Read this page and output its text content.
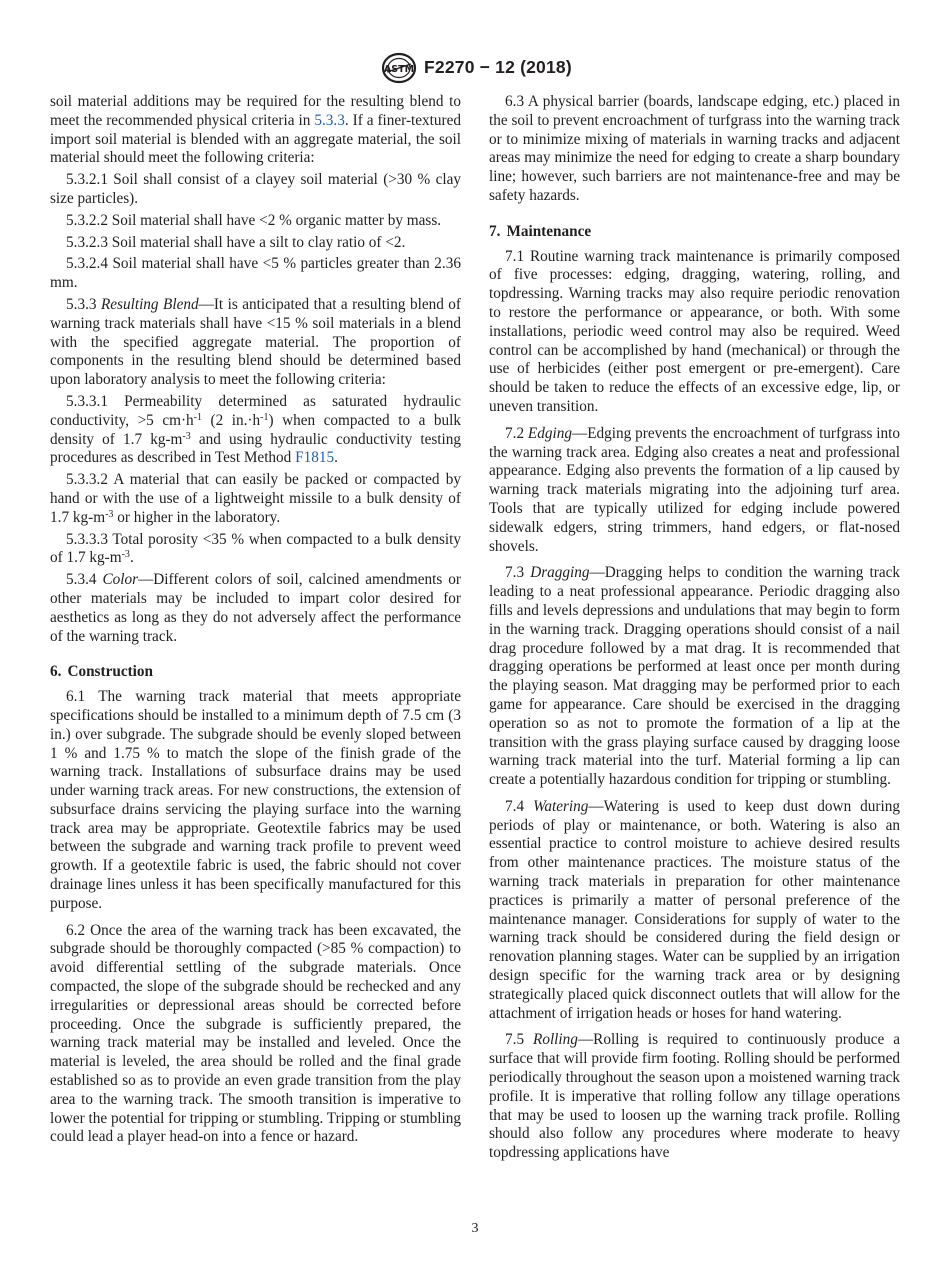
ASTM F2270 − 12 (2018)

soil material additions may be required for the resulting blend to meet the recommended physical criteria in 5.3.3. If a finer-textured import soil material is blended with an aggregate material, the soil material should meet the following criteria:

5.3.2.1 Soil shall consist of a clayey soil material (>30 % clay size particles).

5.3.2.2 Soil material shall have <2 % organic matter by mass.

5.3.2.3 Soil material shall have a silt to clay ratio of <2.

5.3.2.4 Soil material shall have <5 % particles greater than 2.36 mm.

5.3.3 Resulting Blend—It is anticipated that a resulting blend of warning track materials shall have <15 % soil materials in a blend with the specified aggregate material. The proportion of components in the resulting blend should be determined based upon laboratory analysis to meet the following criteria:

5.3.3.1 Permeability determined as saturated hydraulic conductivity, >5 $cm\cdot h^{-1}$ (2 $in.\cdot h^{-1}$) when compacted to a bulk density of 1.7 $kg-m^{-3}$ and using hydraulic conductivity testing procedures as described in Test Method F1815.

5.3.3.2 A material that can easily be packed or compacted by hand or with the use of a lightweight missile to a bulk density of 1.7 $kg-m^{-3}$ or higher in the laboratory.

5.3.3.3 Total porosity <35 % when compacted to a bulk density of 1.7 $kg-m^{-3}$.

5.3.4 Color—Different colors of soil, calcined amendments or other materials may be included to impart color desired for aesthetics as long as they do not adversely affect the performance of the warning track.

6. Construction

6.1 The warning track material that meets appropriate specifications should be installed to a minimum depth of 7.5 cm (3 in.) over subgrade. The subgrade should be evenly sloped between 1 % and 1.75 % to match the slope of the finish grade of the warning track. Installations of subsurface drains may be used under warning track areas. For new constructions, the extension of subsurface drains servicing the playing surface into the warning track area may be appropriate. Geotextile fabrics may be used between the subgrade and warning track profile to prevent weed growth. If a geotextile fabric is used, the fabric should not cover drainage lines unless it has been specifically manufactured for this purpose.

6.2 Once the area of the warning track has been excavated, the subgrade should be thoroughly compacted (>85 % compaction) to avoid differential settling of the subgrade materials. Once compacted, the slope of the subgrade should be rechecked and any irregularities or depressional areas should be corrected before proceeding. Once the subgrade is sufficiently prepared, the warning track material may be installed and leveled. Once the material is leveled, the area should be rolled and the final grade established so as to provide an even grade transition from the play area to the warning track. The smooth transition is imperative to lower the potential for tripping or stumbling. Tripping or stumbling could lead a player head-on into a fence or hazard.

6.3 A physical barrier (boards, landscape edging, etc.) placed in the soil to prevent encroachment of turfgrass into the warning track or to minimize mixing of materials in warning tracks and adjacent areas may minimize the need for edging to create a sharp boundary line; however, such barriers are not maintenance-free and may be safety hazards.

7. Maintenance

7.1 Routine warning track maintenance is primarily composed of five processes: edging, dragging, watering, rolling, and topdressing. Warning tracks may also require periodic renovation to restore the performance or appearance, or both. With some installations, periodic weed control may also be required. Weed control can be accomplished by hand (mechanical) or through the use of herbicides (either post emergent or pre-emergent). Care should be taken to reduce the effects of an excessive edge, lip, or uneven transition.

7.2 Edging—Edging prevents the encroachment of turfgrass into the warning track area. Edging also creates a neat and professional appearance. Edging also prevents the formation of a lip caused by warning track materials migrating into the adjoining turf area. Tools that are typically utilized for edging include powered sidewalk edgers, string trimmers, hand edgers, or flat-nosed shovels.

7.3 Dragging—Dragging helps to condition the warning track leading to a neat professional appearance. Periodic dragging also fills and levels depressions and undulations that may begin to form in the warning track. Dragging operations should consist of a nail drag procedure followed by a mat drag. It is recommended that dragging operations be performed at least once per month during the playing season. Mat dragging may be performed prior to each game for appearance. Care should be exercised in the dragging operation so as not to promote the formation of a lip at the transition with the grass playing surface caused by dragging loose warning track material into the turf. Material forming a lip can create a potentially hazardous condition for tripping or stumbling.

7.4 Watering—Watering is used to keep dust down during periods of play or maintenance, or both. Watering is also an essential practice to control moisture to achieve desired results from other maintenance practices. The moisture status of the warning track materials in preparation for other maintenance practices is primarily a matter of personal preference of the maintenance manager. Considerations for supply of water to the warning track should be considered during the field design or renovation planning stages. Water can be supplied by an irrigation design specific for the warning track area or by designing strategically placed quick disconnect outlets that will allow for the attachment of irrigation heads or hoses for hand watering.

7.5 Rolling—Rolling is required to continuously produce a surface that will provide firm footing. Rolling should be performed periodically throughout the season upon a moistened warning track profile. It is imperative that rolling follow any tillage operations that may be used to loosen up the warning track profile. Rolling should also follow any procedures where moderate to heavy topdressing applications have

3
